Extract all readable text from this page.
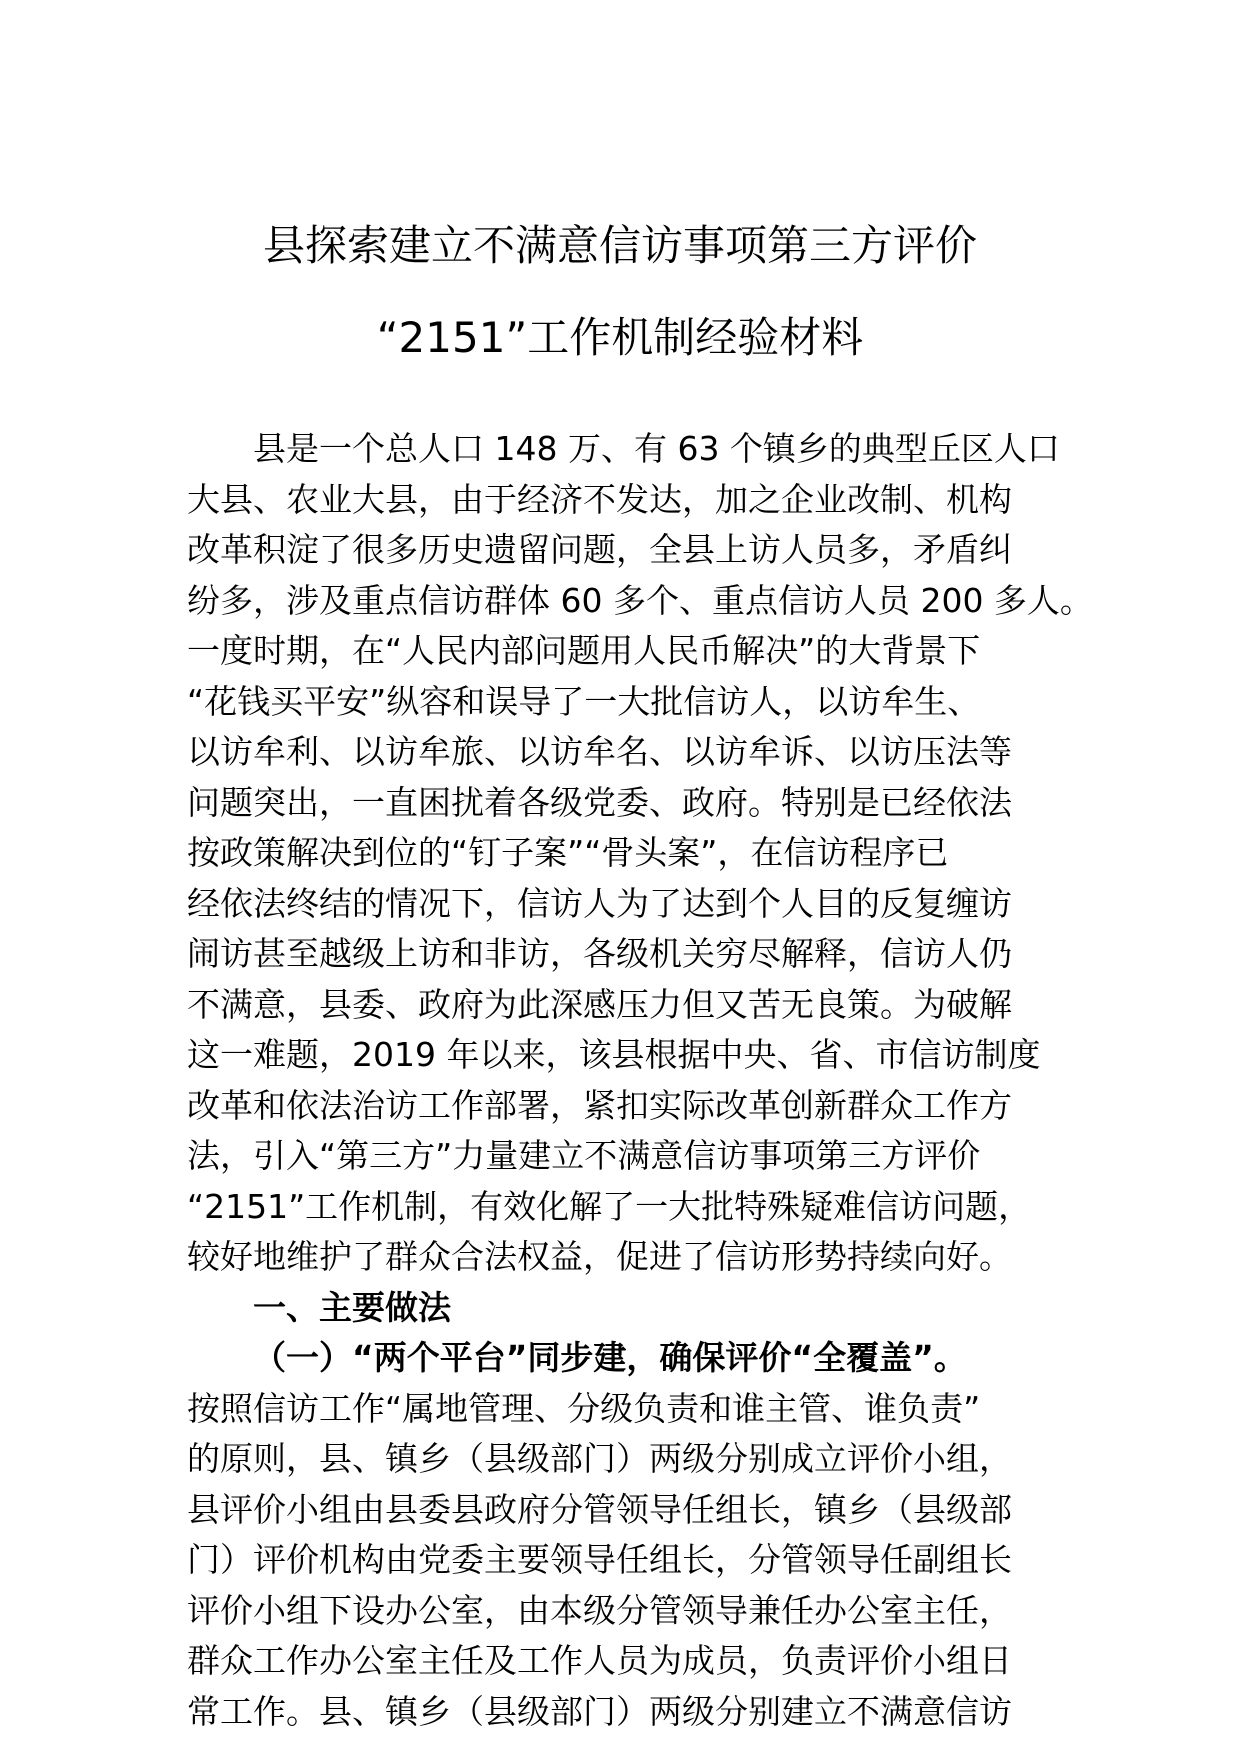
县探索建立不满意信访事项第三方评价
“2151”工作机制经验材料
县是一个总人口 148 万、有 63 个镇乡的典型丘区人口
大县、农业大县，由于经济不发达，加之企业改制、机构
改革积淀了很多历史遗留问题，全县上访人员多，矛盾纠
纷多，涉及重点信访群体 60 多个、重点信访人员 200 多人。
一度时期，在“人民内部问题用人民币解决”的大背景下
“花钱买平安”纵容和误导了一大批信访人，以访牟生、
以访牟利、以访牟旅、以访牟名、以访牟诉、以访压法等
问题突出，一直困扰着各级党委、政府。特别是已经依法
按政策解决到位的“钉子案”“骨头案”，在信访程序已
经依法终结的情况下，信访人为了达到个人目的反复缠访
闹访甚至越级上访和非访，各级机关穷尽解释，信访人仍
不满意，县委、政府为此深感压力但又苦无良策。为破解
这一难题，2019 年以来，该县根据中央、省、市信访制度
改革和依法治访工作部署，紧扣实际改革创新群众工作方
法，引入“第三方”力量建立不满意信访事项第三方评价
“2151”工作机制，有效化解了一大批特殊疑难信访问题，
较好地维护了群众合法权益，促进了信访形势持续向好。
一、主要做法
（一）“两个平台”同步建，确保评价“全覆盖”。
按照信访工作“属地管理、分级负责和谁主管、谁负责”
的原则，县、镇乡（县级部门）两级分别成立评价小组，
县评价小组由县委县政府分管领导任组长，镇乡（县级部
门）评价机构由党委主要领导任组长，分管领导任副组长
评价小组下设办公室，由本级分管领导兼任办公室主任，
群众工作办公室主任及工作人员为成员，负责评价小组日
常工作。县、镇乡（县级部门）两级分别建立不满意信访
